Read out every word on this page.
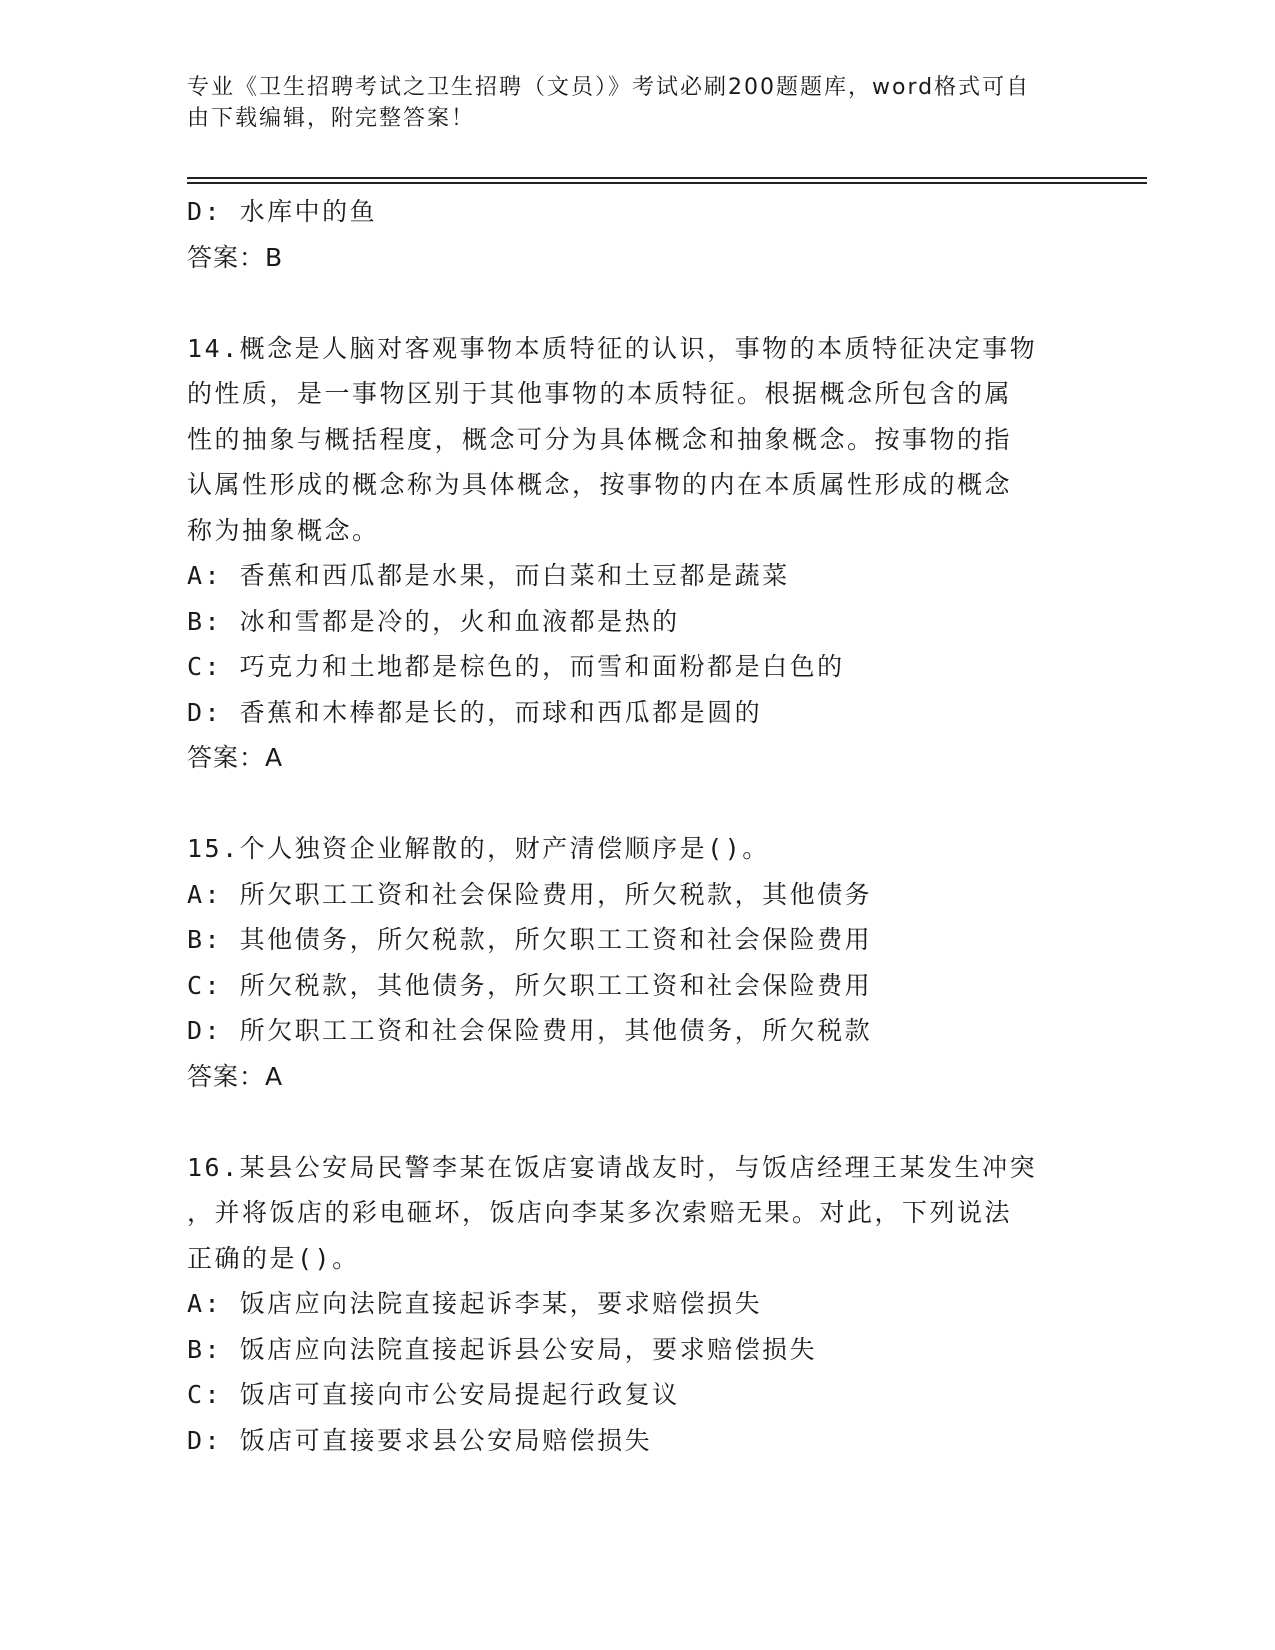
专业《卫生招聘考试之卫生招聘（文员）》考试必刷200题题库，word格式可自
由下载编辑，附完整答案！
D: 水库中的鱼
答案：B
14.概念是人脑对客观事物本质特征的认识，事物的本质特征决定事物
的性质，是一事物区别于其他事物的本质特征。根据概念所包含的属
性的抽象与概括程度，概念可分为具体概念和抽象概念。按事物的指
认属性形成的概念称为具体概念，按事物的内在本质属性形成的概念
称为抽象概念。
A: 香蕉和西瓜都是水果，而白菜和土豆都是蔬菜
B: 冰和雪都是冷的，火和血液都是热的
C: 巧克力和土地都是棕色的，而雪和面粉都是白色的
D: 香蕉和木棒都是长的，而球和西瓜都是圆的
答案：A
15.个人独资企业解散的，财产清偿顺序是()。
A: 所欠职工工资和社会保险费用，所欠税款，其他债务
B: 其他债务，所欠税款，所欠职工工资和社会保险费用
C: 所欠税款，其他债务，所欠职工工资和社会保险费用
D: 所欠职工工资和社会保险费用，其他债务，所欠税款
答案：A
16.某县公安局民警李某在饭店宴请战友时，与饭店经理王某发生冲突
，并将饭店的彩电砸坏，饭店向李某多次索赔无果。对此，下列说法
正确的是()。
A: 饭店应向法院直接起诉李某，要求赔偿损失
B: 饭店应向法院直接起诉县公安局，要求赔偿损失
C: 饭店可直接向市公安局提起行政复议
D: 饭店可直接要求县公安局赔偿损失
